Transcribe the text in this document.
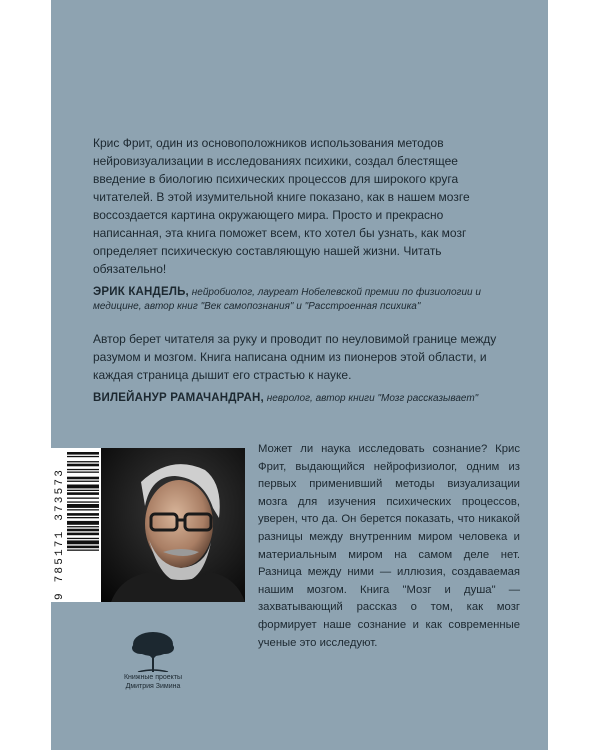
Крис Фрит, один из основоположников использования методов нейровизуализации в исследованиях психики, создал блестящее введение в биологию психических процессов для широкого круга читателей. В этой изумительной книге показано, как в нашем мозге воссоздается картина окружающего мира. Просто и прекрасно написанная, эта книга поможет всем, кто хотел бы узнать, как мозг определяет психическую составляющую нашей жизни. Читать обязательно!

ЭРИК КАНДЕЛЬ, нейробиолог, лауреат Нобелевской премии по физиологии и медицине, автор книг "Век самопознания" и "Расстроенная психика"

Автор берет читателя за руку и проводит по неуловимой границе между разумом и мозгом. Книга написана одним из пионеров этой области, и каждая страница дышит его страстью к науке.

ВИЛЕЙАНУР РАМАЧАНДРАН, невролог, автор книги "Мозг рассказывает"

9 785171 373573
Может ли наука исследовать сознание? Крис Фрит, выдающийся нейрофизиолог, одним из первых применивший методы визуализации мозга для изучения психических процессов, уверен, что да. Он берется показать, что никакой разницы между внутренним миром человека и материальным миром на самом деле нет. Разница между ними — иллюзия, создаваемая нашим мозгом. Книга "Мозг и душа" — захватывающий рассказ о том, как мозг формирует наше сознание и как современные ученые это исследуют.
Книжные проекты
Дмитрия Зимина
